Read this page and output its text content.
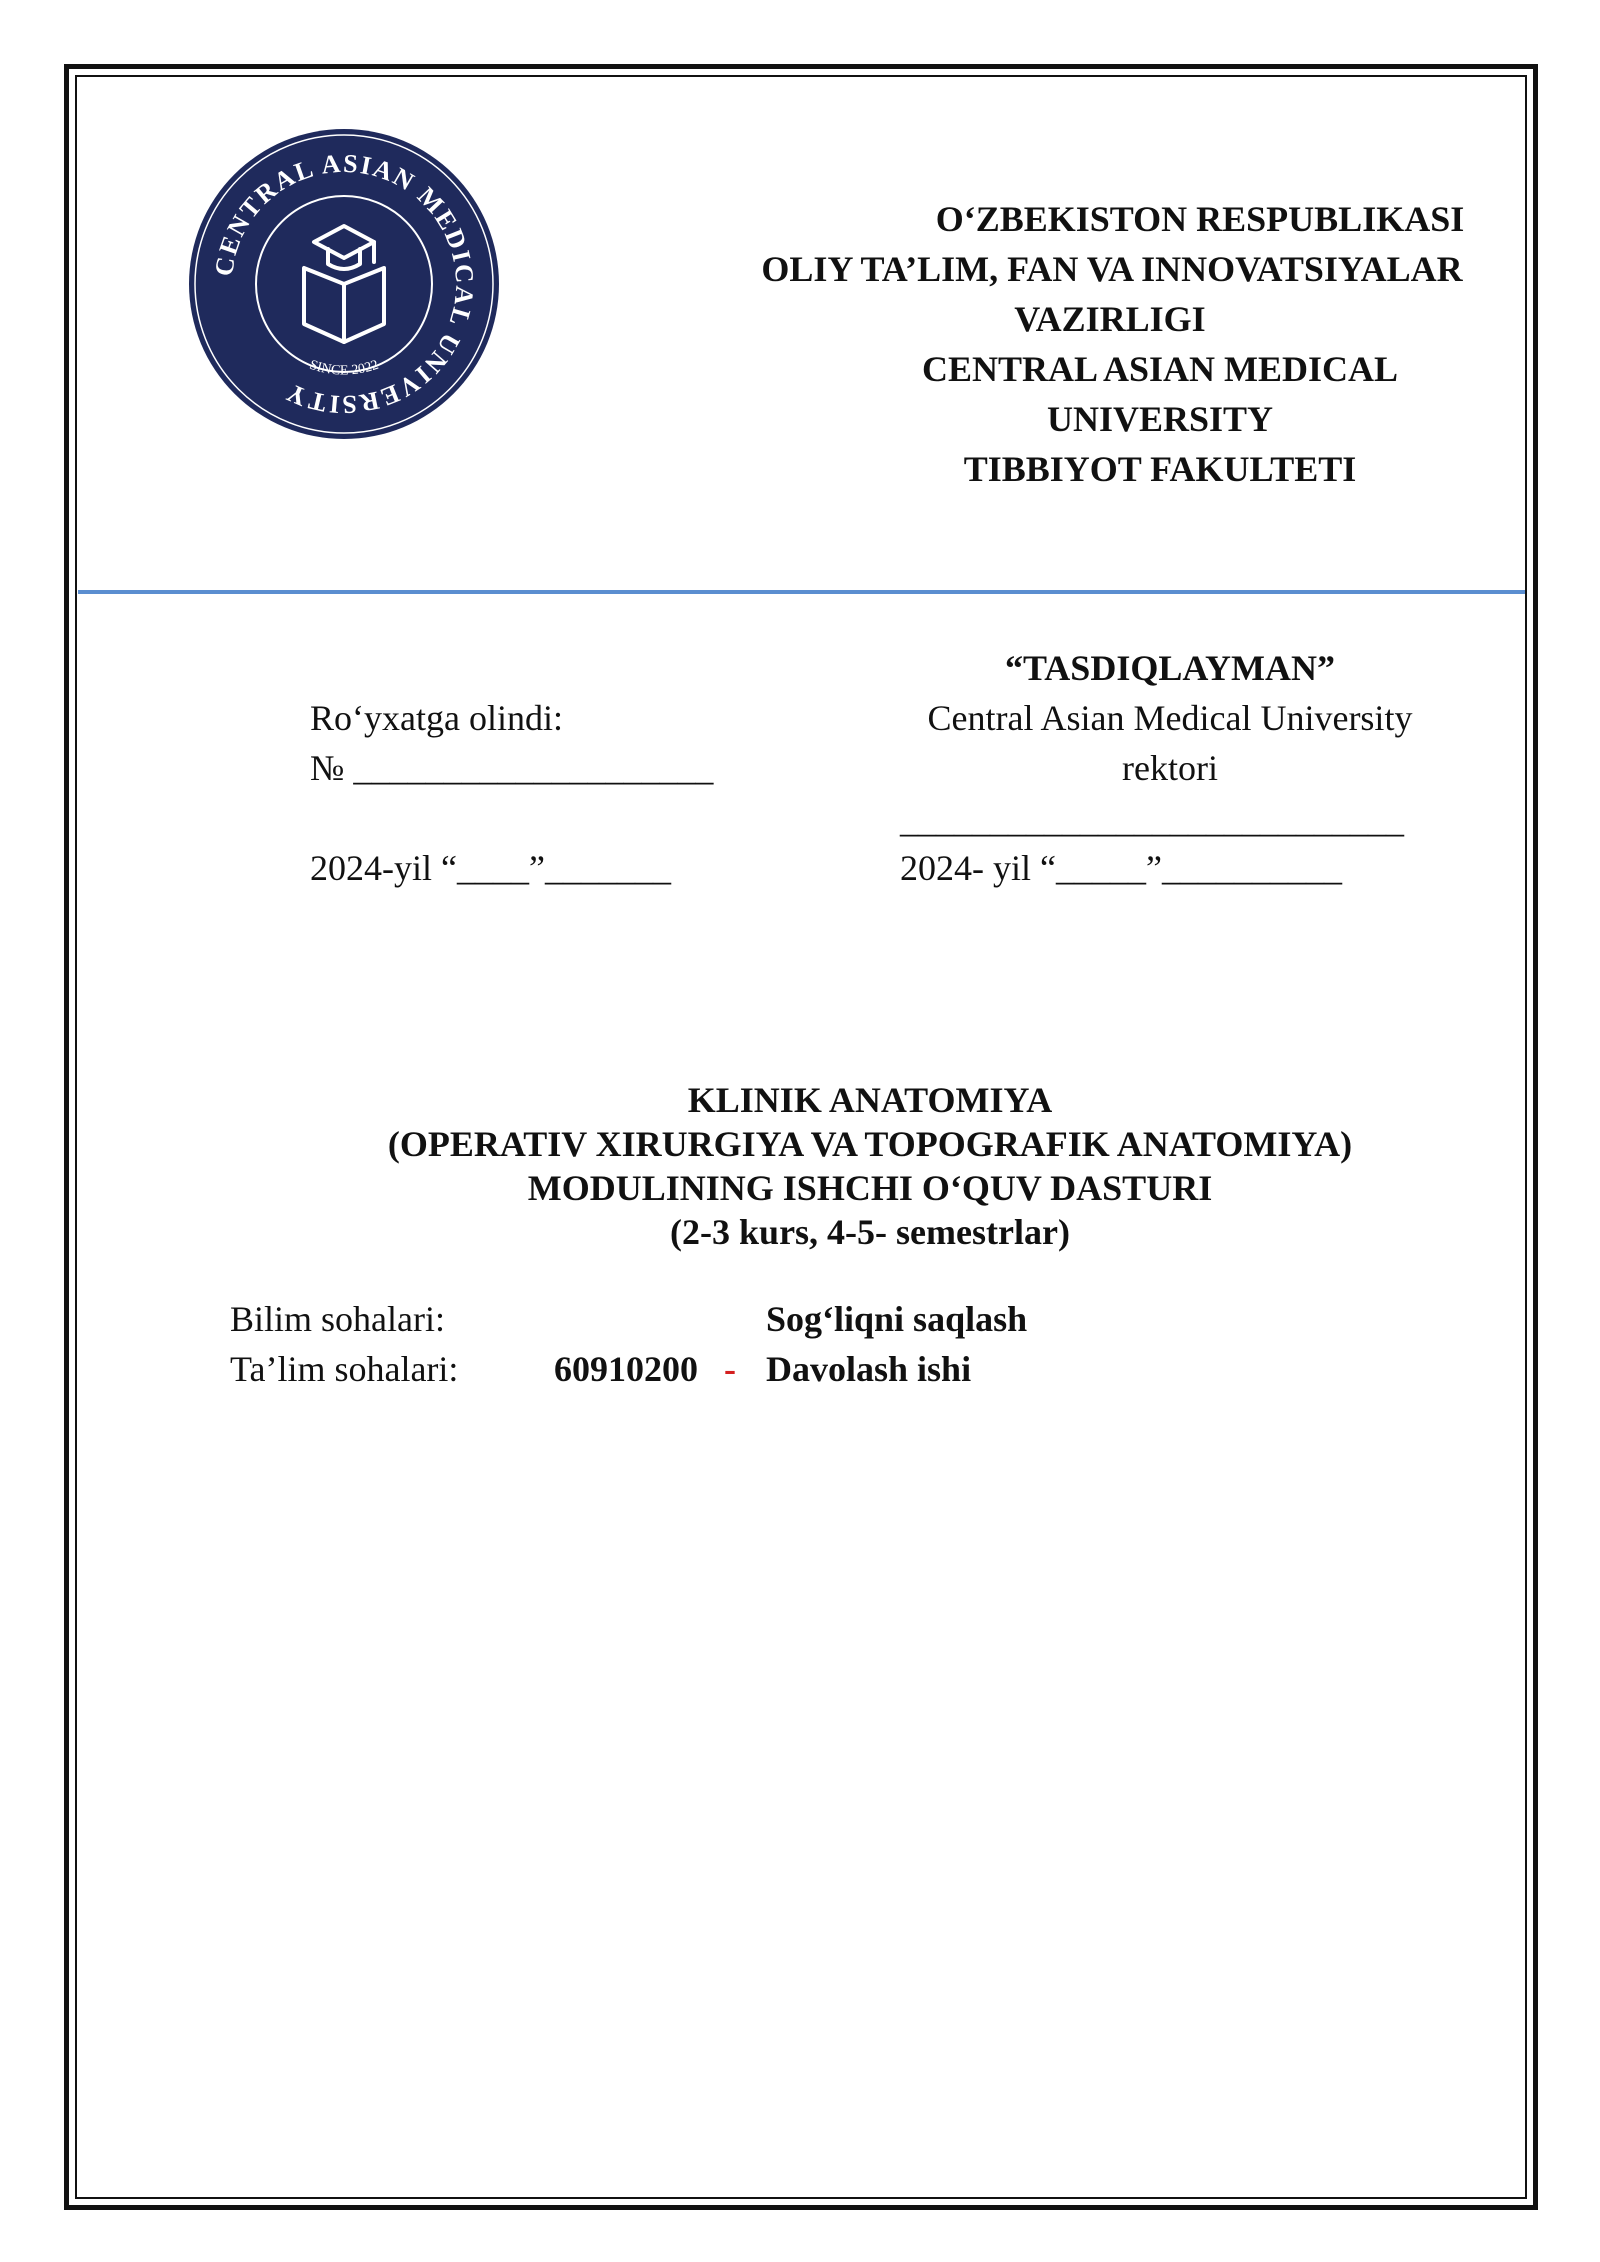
CENTRAL ASIAN MEDICAL UNIVERSITY
SINCE 2022
O‘ZBEKISTON RESPUBLIKASI
OLIY TA’LIM, FAN VA INNOVATSIYALAR
VAZIRLIGI
CENTRAL ASIAN MEDICAL
UNIVERSITY
TIBBIYOT FAKULTETI
“TASDIQLAYMAN”
Central Asian Medical University
rektori
____________________________
2024- yil “_____”__________
Ro‘yxatga olindi:
№ ____________________
2024-yil “____”_______
KLINIK ANATOMIYA
(OPERATIV XIRURGIYA VA TOPOGRAFIK ANATOMIYA)
MODULINING ISHCHI O‘QUV DASTURI
(2-3 kurs, 4-5- semestrlar)
Bilim sohalari:	Sog‘liqni saqlash
Ta’lim sohalari:	60910200 - Davolash ishi
